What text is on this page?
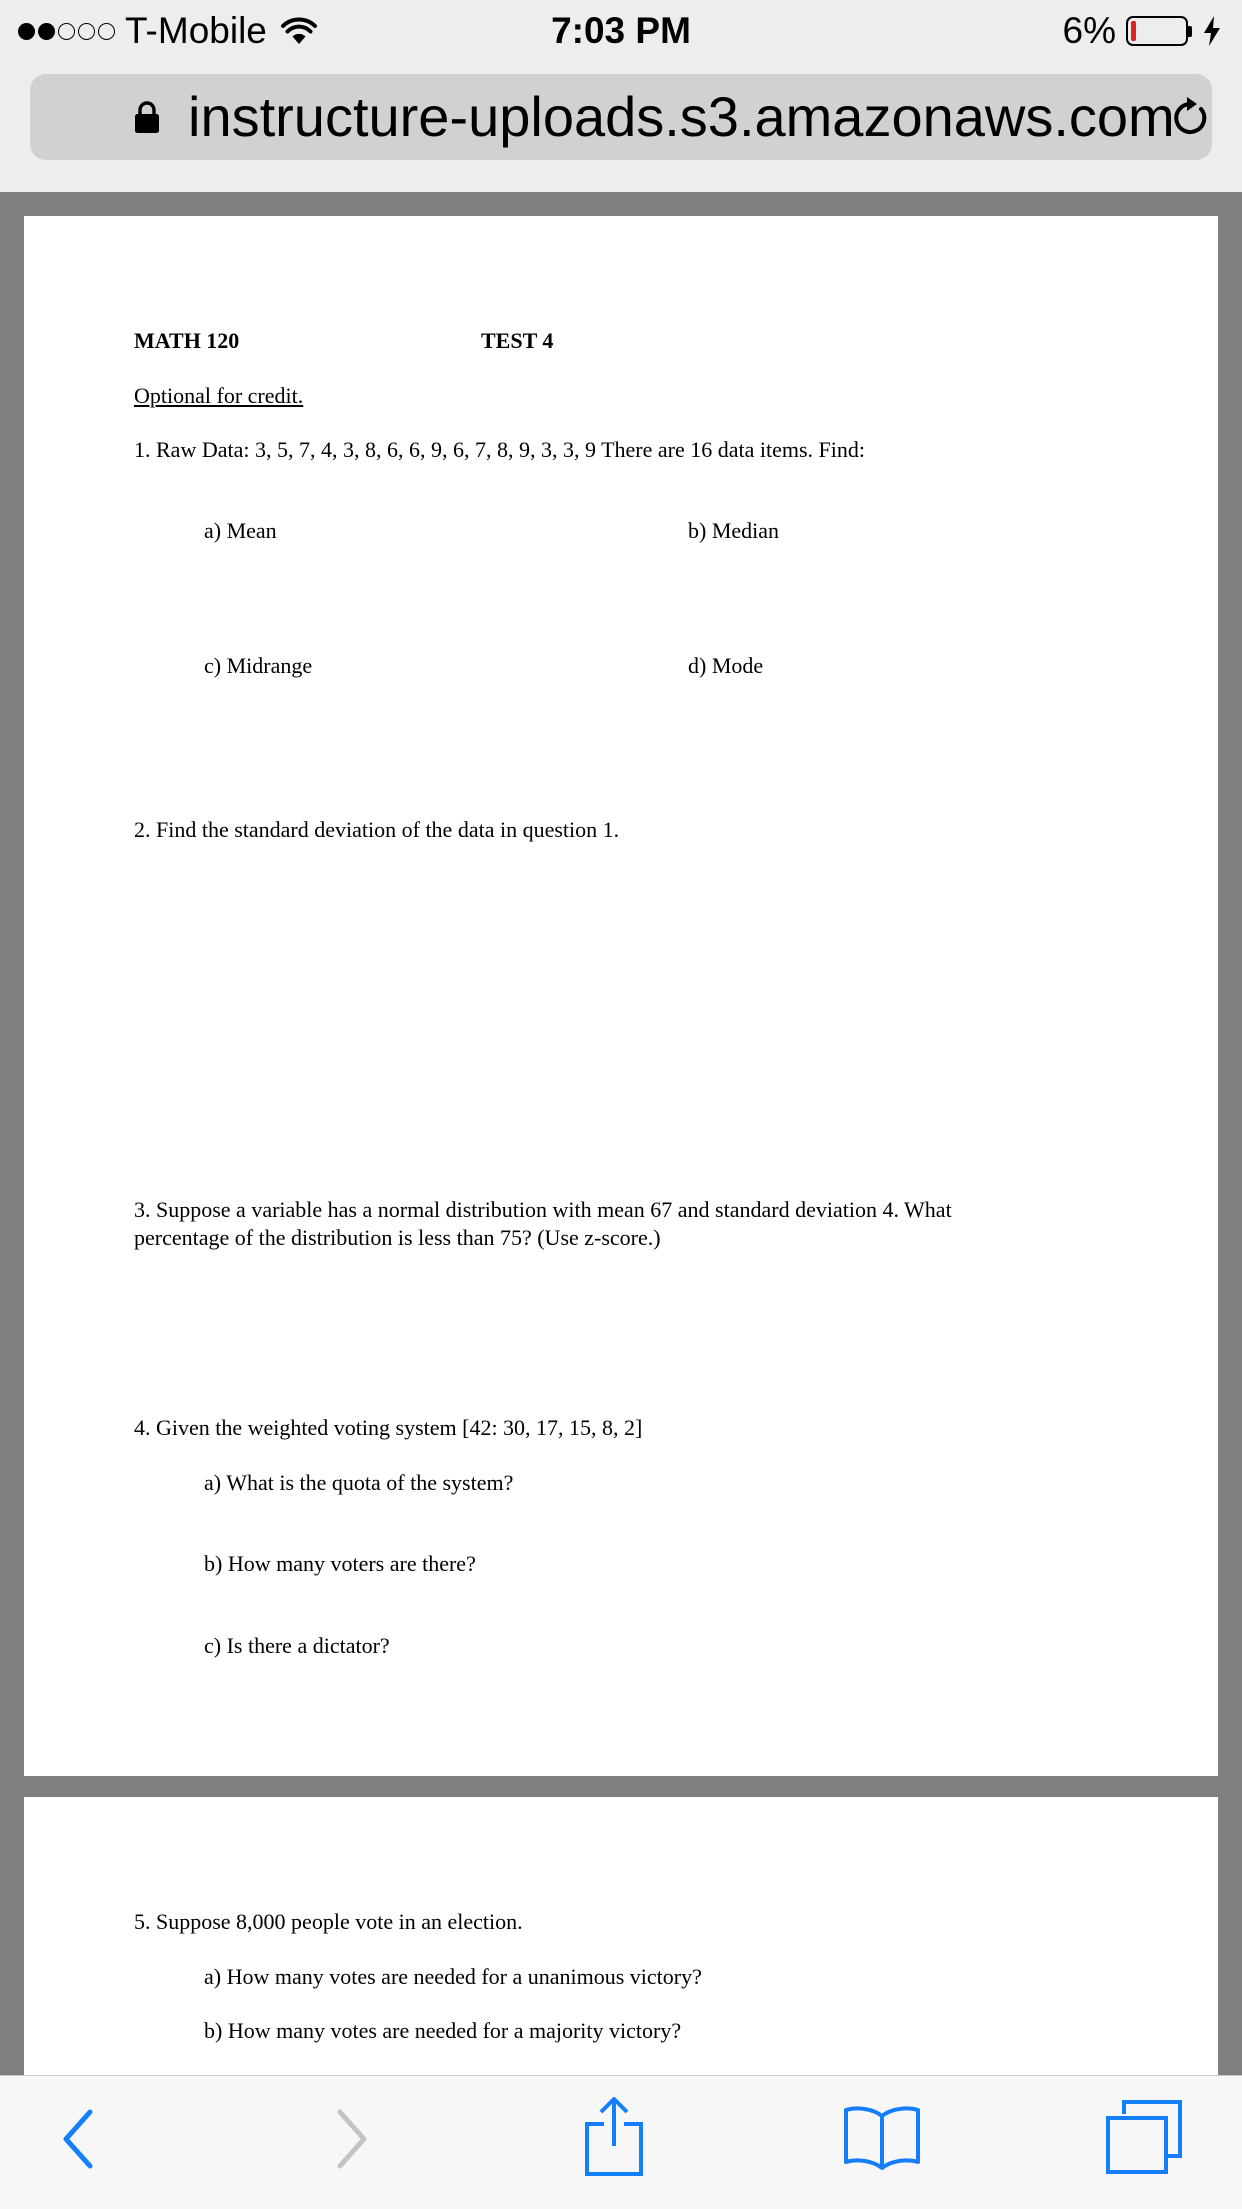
T-Mobile	7:03 PM	6%
instructure-uploads.s3.amazonaws.com
MATH 120	TEST 4
Optional for credit.
1. Raw Data: 3, 5, 7, 4, 3, 8, 6, 6, 9, 6, 7, 8, 9, 3, 3, 9 There are 16 data items. Find:
a) Mean	b) Median
c) Midrange	d) Mode
2. Find the standard deviation of the data in question 1.
3. Suppose a variable has a normal distribution with mean 67 and standard deviation 4. What
percentage of the distribution is less than 75? (Use z-score.)
4. Given the weighted voting system [42: 30, 17, 15, 8, 2]
a) What is the quota of the system?
b) How many voters are there?
c) Is there a dictator?
5. Suppose 8,000 people vote in an election.
a) How many votes are needed for a unanimous victory?
b) How many votes are needed for a majority victory?
